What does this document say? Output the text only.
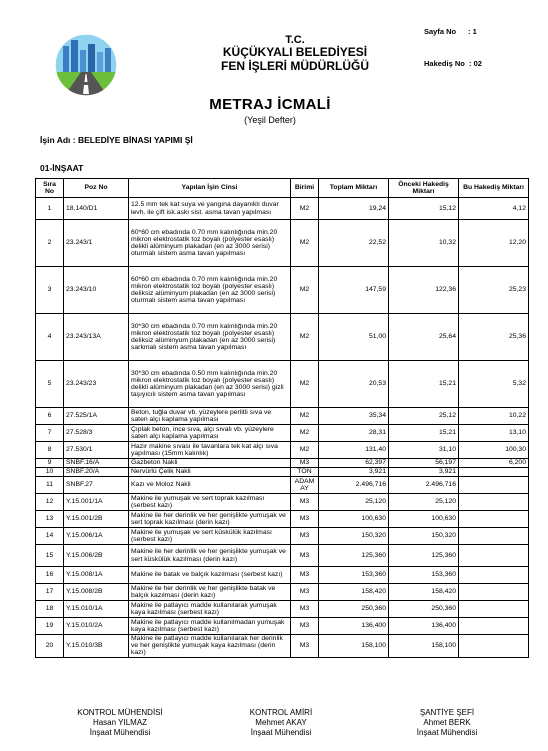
T.C.
KÜÇÜKYALI BELEDİYESİ
FEN İŞLERİ MÜDÜRLÜĞÜ
Sayfa No : 1
Hakediş No : 02
METRAJ İCMALİ
(Yeşil Defter)
İşin Adı : BELEDİYE BİNASI YAPIMI Şİ
01-İNŞAAT
Sıra No	Poz No	Yapılan İşin Cinsi	Birimi	Toplam Miktarı	Önceki Hakediş Miktarı	Bu Hakediş Miktarı
1	18.140/D1	12.5 mm tek kat suya ve yangına dayanıklı duvar levh. ile çift isk.askı sist. asma tavan yapılması	M2	19,24	15,12	4,12
2	23.243/1	60*60 cm ebadında 0.70 mm kalınlığında min.20 mikron elektrostatik toz boyalı (polyester esaslı) delikli alüminyum plakadan (en az 3000 serisi) oturmalı sistem asma tavan yapılması	M2	22,52	10,32	12,20
3	23.243/10	60*60 cm ebadında 0.70 mm kalınlığında min.20 mikron elektrostatik toz boyalı (polyester esaslı) deliksiz alüminyum plakadan (en az 3000 serisi) oturmalı sistem asma tavan yapılması	M2	147,59	122,36	25,23
4	23.243/13A	30*30 cm ebadında 0.70 mm kalınlığında min.20 mikron elektrostatik toz boyalı (polyester esaslı) deliksiz alüminyum plakadan (en az 3000 serisi) sarkmalı sistem asma tavan yapılması	M2	51,00	25,64	25,36
5	23.243/23	30*30 cm ebadında 0.50 mm kalınlığında min.20 mikron elektrostatik toz boyalı (polyester esaslı) delikli alüminyum plakadan (en az 3000 serisi) gizli taşıyıcılı sistem asma tavan yapılması	M2	20,53	15,21	5,32
6	27.525/1A	Beton, tuğla duvar vb. yüzeylere perlitli sıva ve saten alçı kaplama yapılması	M2	35,34	25,12	10,22
7	27.528/3	Çıplak beton, ince sıva, alçı sıvalı vb. yüzeylere saten alçı kaplama yapılması	M2	28,31	15,21	13,10
8	27.530/1	Hazır makine sıvası ile tavanlara tek kat alçı sıva yapılması (15mm kalınlık)	M2	131,40	31,10	100,30
9	SNBF.16/A	Gazbeton Nakli	M3	62,397	56,197	6,200
10	SNBF.20/A	Nervürlü Çelik Nakli	TON	3,921	3,921	
11	SNBF.27	Kazı ve Moloz Nakli	ADAM AY	2.496,716	2.496,716	
12	Y.15.001/1A	Makine ile yumuşak ve sert toprak kazılması (serbest kazı)	M3	25,120	25,120	
13	Y.15.001/2B	Makine ile her derinlik ve her genişlikte yumuşak ve sert toprak kazılması (derin kazı)	M3	100,630	100,630	
14	Y.15.006/1A	Makine ile yumuşak ve sert küskülük kazılması (serbest kazı)	M3	150,320	150,320	
15	Y.15.006/2B	Makine ile her derinlik ve her genişlikte yumuşak ve sert küskülük kazılması (derin kazı)	M3	125,360	125,360	
16	Y.15.008/1A	Makine ile batak ve balçık kazılması (serbest kazı)	M3	153,360	153,360	
17	Y.15.008/2B	Makine ile her derinlik ve her genişlikte batak ve balçık kazılması (derin kazı)	M3	158,420	158,420	
18	Y.15.010/1A	Makine ile patlayıcı madde kullanılarak yumuşak kaya kazılması (serbest kazı)	M3	250,360	250,360	
19	Y.15.010/2A	Makine ile patlayıcı madde kullanılmadan yumuşak kaya kazılması (serbest kazı)	M3	136,400	136,400	
20	Y.15.010/3B	Makine ile patlayıcı madde kullanılarak her derinlik ve her genişlikte yumuşak kaya kazılması (derin kazı)	M3	158,100	158,100	
KONTROL MÜHENDİSİ
Hasan YILMAZ
İnşaat Mühendisi
KONTROL AMİRİ
Mehmet AKAY
İnşaat Mühendisi
ŞANTİYE ŞEFİ
Ahmet BERK
İnşaat Mühendisi
